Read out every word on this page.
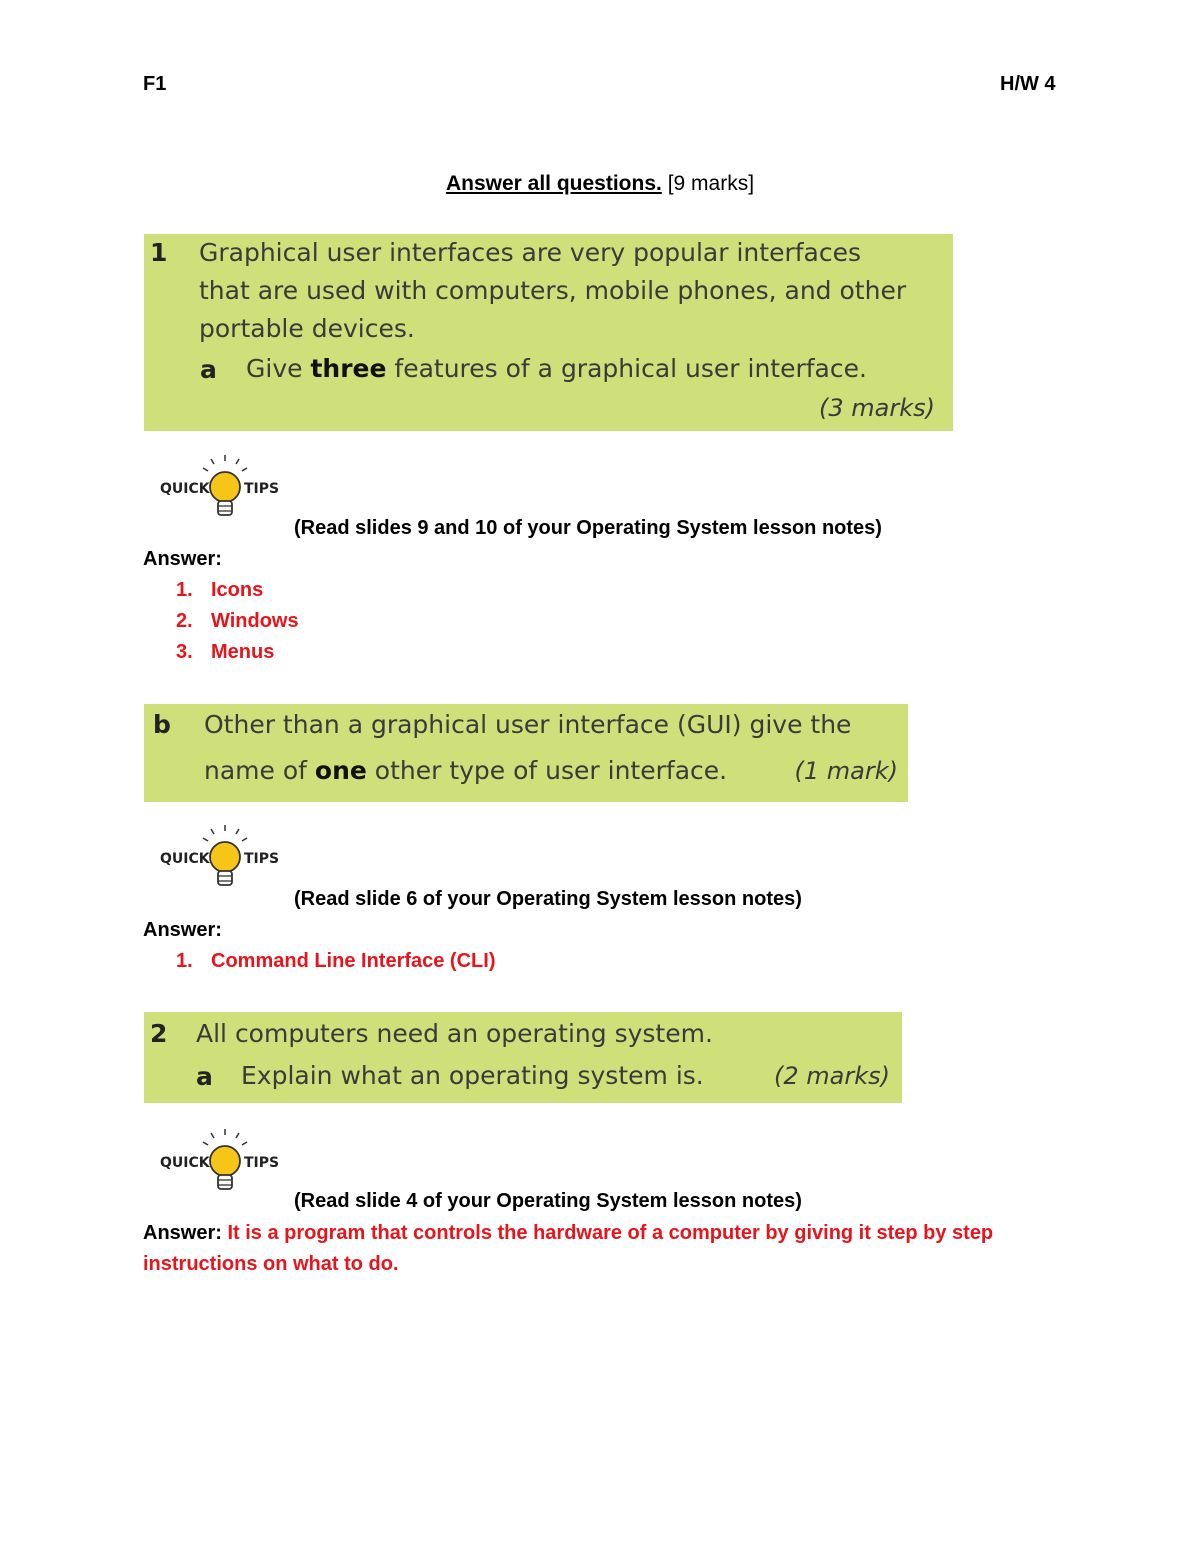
F1	H/W 4
Answer all questions. [9 marks]
1 Graphical user interfaces are very popular interfaces
that are used with computers, mobile phones, and other
portable devices.
a Give three features of a graphical user interface.
(3 marks)
QUICK TIPS
(Read slides 9 and 10 of your Operating System lesson notes)
Answer:
1. Icons
2. Windows
3. Menus
b Other than a graphical user interface (GUI) give the
name of one other type of user interface.	(1 mark)
QUICK TIPS
(Read slide 6 of your Operating System lesson notes)
Answer:
1. Command Line Interface (CLI)
2 All computers need an operating system.
a Explain what an operating system is.	(2 marks)
QUICK TIPS
(Read slide 4 of your Operating System lesson notes)
Answer: It is a program that controls the hardware of a computer by giving it step by step instructions on what to do.
